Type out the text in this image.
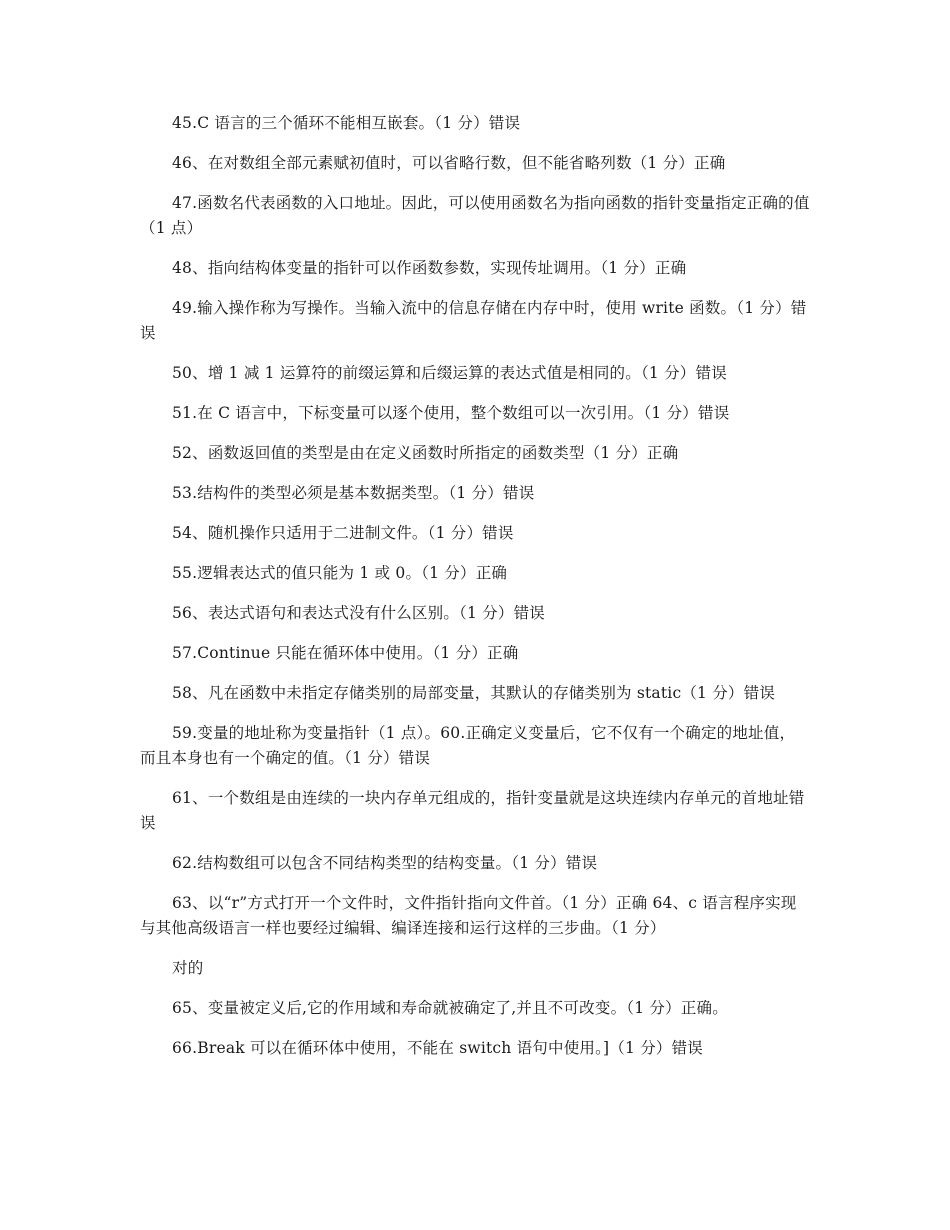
45.C 语言的三个循环不能相互嵌套。（1 分）错误

46、在对数组全部元素赋初值时，可以省略行数，但不能省略列数（1 分）正确

47.函数名代表函数的入口地址。因此，可以使用函数名为指向函数的指针变量指定正确的值（1 点）

48、指向结构体变量的指针可以作函数参数，实现传址调用。（1 分）正确

49.输入操作称为写操作。当输入流中的信息存储在内存中时，使用 write 函数。（1 分）错误

50、增 1 减 1 运算符的前缀运算和后缀运算的表达式值是相同的。（1 分）错误

51.在 C 语言中，下标变量可以逐个使用，整个数组可以一次引用。（1 分）错误

52、函数返回值的类型是由在定义函数时所指定的函数类型（1 分）正确

53.结构件的类型必须是基本数据类型。（1 分）错误

54、随机操作只适用于二进制文件。（1 分）错误

55.逻辑表达式的值只能为 1 或 0。（1 分）正确

56、表达式语句和表达式没有什么区别。（1 分）错误

57.Continue 只能在循环体中使用。（1 分）正确

58、凡在函数中未指定存储类别的局部变量，其默认的存储类别为 static（1 分）错误

59.变量的地址称为变量指针（1 点）。60.正确定义变量后，它不仅有一个确定的地址值，而且本身也有一个确定的值。（1 分）错误

61、一个数组是由连续的一块内存单元组成的，指针变量就是这块连续内存单元的首地址错误

62.结构数组可以包含不同结构类型的结构变量。（1 分）错误

63、以“r”方式打开一个文件时，文件指针指向文件首。（1 分）正确 64、c 语言程序实现与其他高级语言一样也要经过编辑、编译连接和运行这样的三步曲。（1 分）

对的

65、变量被定义后,它的作用域和寿命就被确定了,并且不可改变。（1 分）正确。

66.Break 可以在循环体中使用，不能在 switch 语句中使用。]（1 分）错误
